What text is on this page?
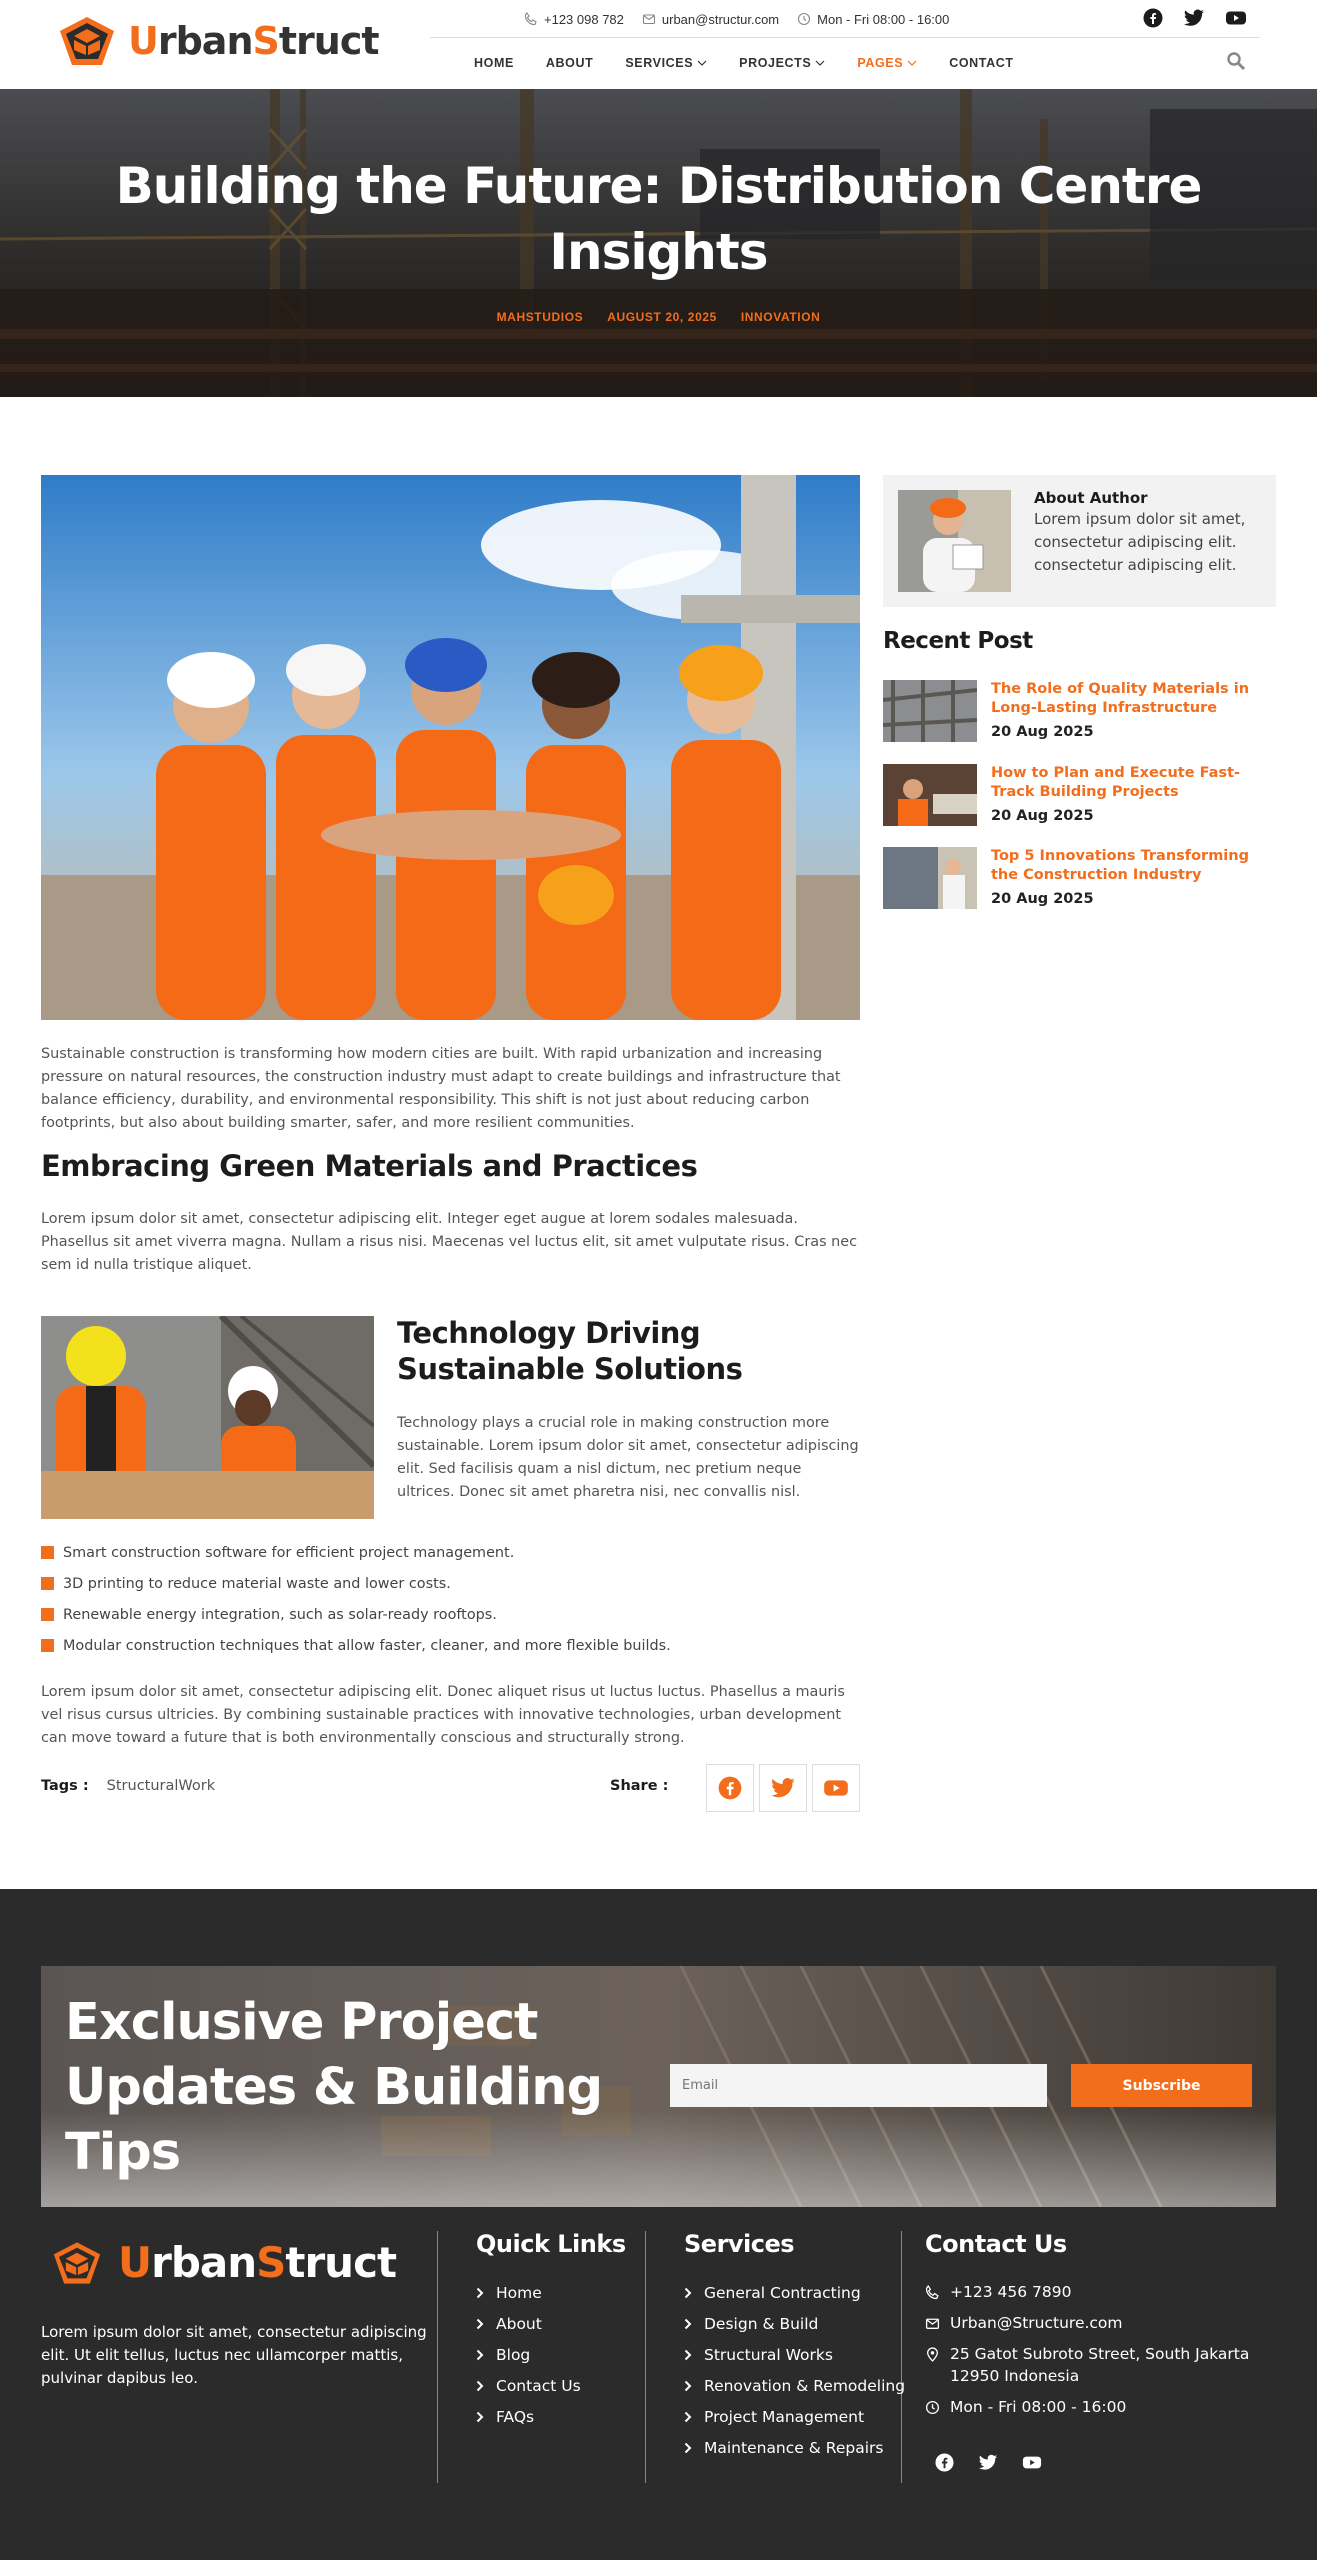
UrbanStruct	+123 098 782	urban@structur.com	Mon - Fri 08:00 - 16:00
HOME	ABOUT	SERVICES	PROJECTS	PAGES	CONTACT
Building the Future: Distribution Centre Insights
MAHSTUDIOS AUGUST 20, 2025 INNOVATION

Sustainable construction is transforming how modern cities are built. With rapid urbanization and increasing pressure on natural resources, the construction industry must adapt to create buildings and infrastructure that balance efficiency, durability, and environmental responsibility. This shift is not just about reducing carbon footprints, but also about building smarter, safer, and more resilient communities.

Embracing Green Materials and Practices

Lorem ipsum dolor sit amet, consectetur adipiscing elit. Integer eget augue at lorem sodales malesuada. Phasellus sit amet viverra magna. Nullam a risus nisi. Maecenas vel luctus elit, sit amet vulputate risus. Cras nec sem id nulla tristique aliquet.

Technology Driving Sustainable Solutions

Technology plays a crucial role in making construction more sustainable. Lorem ipsum dolor sit amet, consectetur adipiscing elit. Sed facilisis quam a nisl dictum, nec pretium neque ultrices. Donec sit amet pharetra nisi, nec convallis nisl.

Smart construction software for efficient project management.
3D printing to reduce material waste and lower costs.
Renewable energy integration, such as solar-ready rooftops.
Modular construction techniques that allow faster, cleaner, and more flexible builds.

Lorem ipsum dolor sit amet, consectetur adipiscing elit. Donec aliquet risus ut luctus luctus. Phasellus a mauris vel risus cursus ultricies. By combining sustainable practices with innovative technologies, urban development can move toward a future that is both environmentally conscious and structurally strong.

Tags : StructuralWork	Share :
About Author

Lorem ipsum dolor sit amet, consectetur adipiscing elit. consectetur adipiscing elit.

Recent Post
The Role of Quality Materials in Long-Lasting Infrastructure
20 Aug 2025
How to Plan and Execute Fast-Track Building Projects
20 Aug 2025
Top 5 Innovations Transforming the Construction Industry
20 Aug 2025
Exclusive Project Updates & Building Tips
Email
Subscribe
UrbanStruct

Lorem ipsum dolor sit amet, consectetur adipiscing elit. Ut elit tellus, luctus nec ullamcorper mattis, pulvinar dapibus leo.

Quick Links
Home
About
Blog
Contact Us
FAQs
Services
General Contracting
Design & Build
Structural Works
Renovation & Remodeling
Project Management
Maintenance & Repairs
Contact Us
+123 456 7890
Urban@Structure.com
25 Gatot Subroto Street, South Jakarta 12950 Indonesia
Mon - Fri 08:00 - 16:00
